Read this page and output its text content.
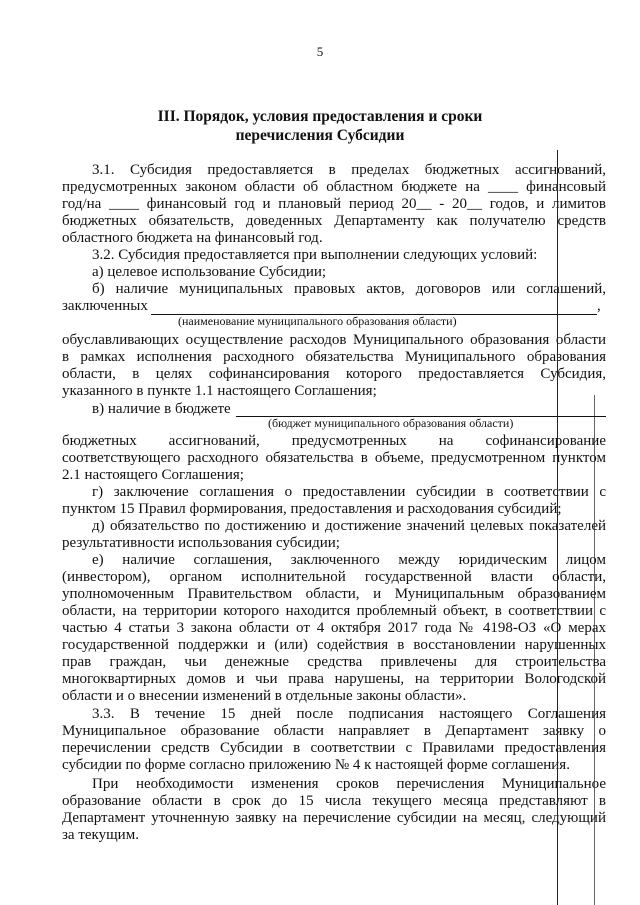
5
III. Порядок, условия предоставления и сроки
перечисления Субсидии
3.1. Субсидия предоставляется в пределах бюджетных ассигнований,
предусмотренных законом области об областном бюджете на ____ финансовый
год/на ____ финансовый год и плановый период 20__ - 20__ годов, и лимитов
бюджетных обязательств, доведенных Департаменту как получателю средств
областного бюджета на финансовый год.
3.2. Субсидия предоставляется при выполнении следующих условий:
а) целевое использование Субсидии;
б) наличие муниципальных правовых актов, договоров или соглашений,
заключенных	,
(наименование муниципального образования области)
обуславливающих осуществление расходов Муниципального образования области
в рамках исполнения расходного обязательства Муниципального образования
области, в целях софинансирования которого предоставляется Субсидия,
указанного в пункте 1.1 настоящего Соглашения;
в) наличие в бюджете
(бюджет муниципального образования области)
бюджетных ассигнований, предусмотренных на софинансирование
соответствующего расходного обязательства в объеме, предусмотренном пунктом
2.1 настоящего Соглашения;
г) заключение соглашения о предоставлении субсидии в соответствии с
пунктом 15 Правил формирования, предоставления и расходования субсидий;
д) обязательство по достижению и достижение значений целевых показателей
результативности использования субсидии;
е) наличие соглашения, заключенного между юридическим лицом
(инвестором), органом исполнительной государственной власти области,
уполномоченным Правительством области, и Муниципальным образованием
области, на территории которого находится проблемный объект, в соответствии с
частью 4 статьи 3 закона области от 4 октября 2017 года № 4198-ОЗ «О мерах
государственной поддержки и (или) содействия в восстановлении нарушенных
прав граждан, чьи денежные средства привлечены для строительства
многоквартирных домов и чьи права нарушены, на территории Вологодской
области и о внесении изменений в отдельные законы области».
3.3. В течение 15 дней после подписания настоящего Соглашения
Муниципальное образование области направляет в Департамент заявку о
перечислении средств Субсидии в соответствии с Правилами предоставления
субсидии по форме согласно приложению № 4 к настоящей форме соглашения.
При необходимости изменения сроков перечисления Муниципальное
образование области в срок до 15 числа текущего месяца представляют в
Департамент уточненную заявку на перечисление субсидии на месяц, следующий
за текущим.
